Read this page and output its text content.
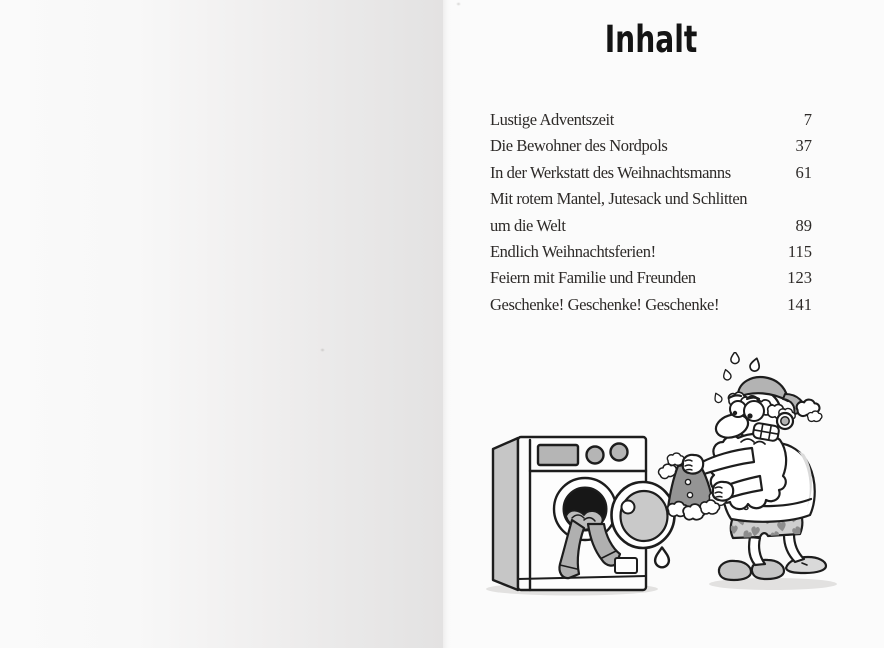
Inhalt
Lustige Adventszeit	7
Die Bewohner des Nordpols	37
In der Werkstatt des Weihnachtsmanns	61
Mit rotem Mantel, Jutesack und Schlitten
um die Welt	89
Endlich Weihnachtsferien!	115
Feiern mit Familie und Freunden	123
Geschenke! Geschenke! Geschenke!	141
